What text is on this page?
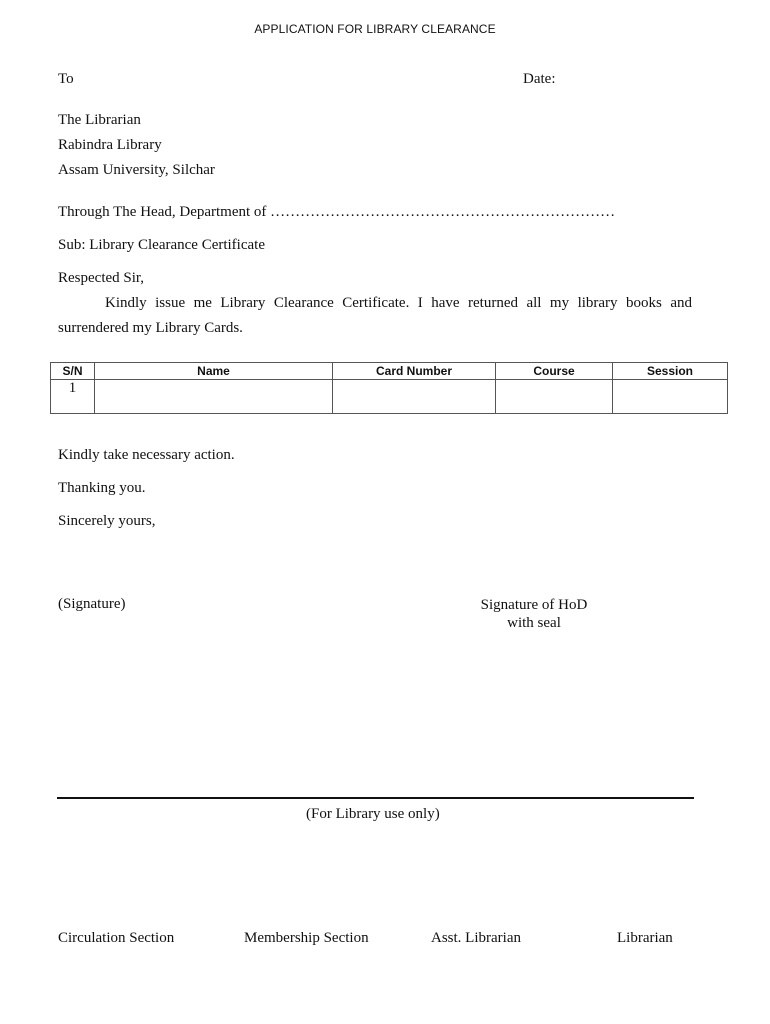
APPLICATION FOR LIBRARY CLEARANCE
To	Date:
The Librarian
Rabindra Library
Assam University, Silchar
Through The Head, Department of ……………………………………………………………
Sub: Library Clearance Certificate
Respected Sir,
Kindly issue me Library Clearance Certificate. I have returned all my library books and surrendered my Library Cards.
S/N	Name	Card Number	Course	Session
1				
Kindly take necessary action.
Thanking you.
Sincerely yours,
(Signature)	Signature of HoD
with seal
(For Library use only)
Circulation Section	Membership Section	Asst. Librarian	Librarian
